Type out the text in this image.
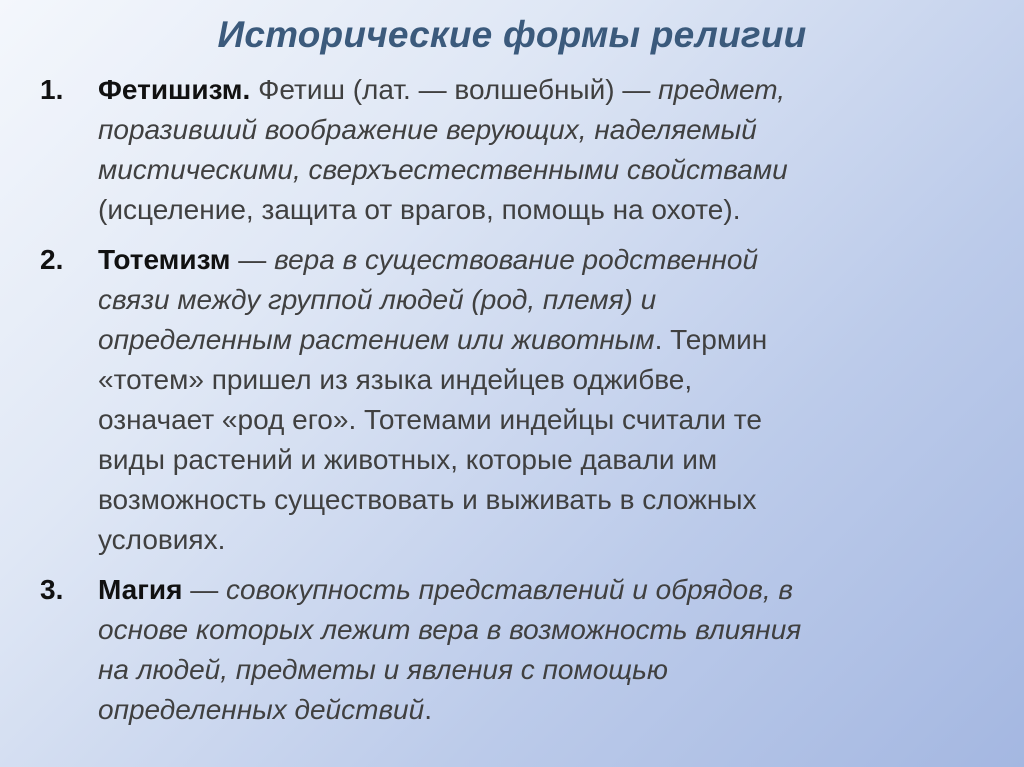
Исторические формы религии
1.	Фетишизм. Фетиш (лат. — волшебный) — предмет,
поразивший воображение верующих, наделяемый
мистическими, сверхъестественными свойствами
(исцеление, защита от врагов, помощь на охоте).
2.	Тотемизм — вера в существование родственной
связи между группой людей (род, племя) и
определенным растением или животным. Термин
«тотем» пришел из языка индейцев оджибве,
означает «род его». Тотемами индейцы считали те
виды растений и животных, которые давали им
возможность существовать и выживать в сложных
условиях.
3.	Магия — совокупность представлений и обрядов, в
основе которых лежит вера в возможность влияния
на людей, предметы и явления с помощью
определенных действий.
